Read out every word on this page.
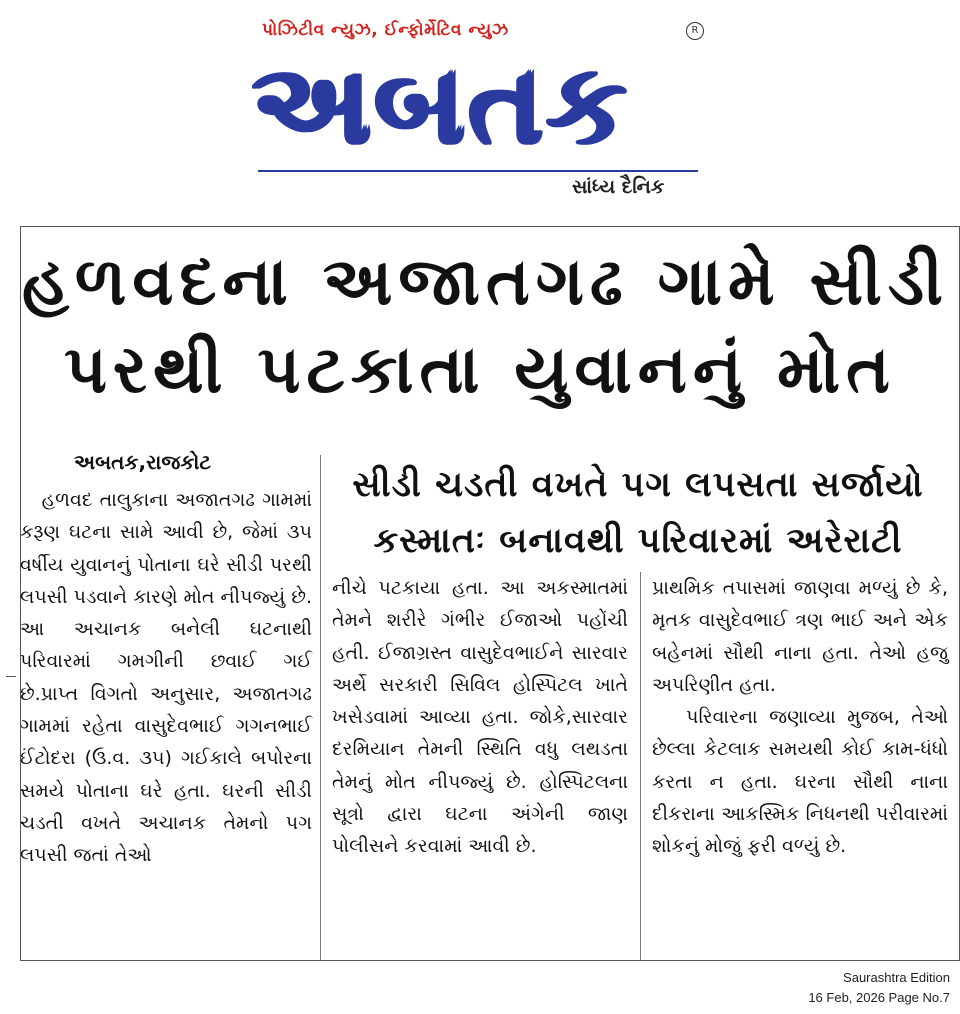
પોઝિટીવ ન્યુઝ, ઈન્ફોર્મેટિવ ન્યુઝ	R
અબતક
સાંધ્ય દૈનિક
હળવદના અજાતગઢ ગામે સીડી
પરથી પટકાતા યુવાનનું મોત
અબતક,રાજકોટ
સીડી ચડતી વખતે પગ લપસતા સર્જાયો
કસ્માતઃ બનાવથી પરિવારમાં અરેરાટી

હળવદ તાલુકાના અજાતગઢ ગામમાં કરૂણ ઘટના સામે આવી છે, જેમાં ૩૫ વર્ષીય યુવાનનું પોતાના ઘરે સીડી પરથી લપસી પડવાને કારણે મોત નીપજ્યું છે. આ અચાનક બનેલી ઘટનાથી પરિવારમાં ગમગીની છવાઈ ગઈ છે.પ્રાપ્ત વિગતો અનુસાર, અજાતગઢ ગામમાં રહેતા વાસુદેવભાઈ ગગનભાઈ ઈંટોદરા (ઉ.વ. ૩૫) ગઈકાલે બપોરના સમયે પોતાના ઘરે હતા. ઘરની સીડી ચડતી વખતે અચાનક તેમનો પગ લપસી જતાં તેઓ

નીચે પટકાયા હતા. આ અકસ્માતમાં તેમને શરીરે ગંભીર ઈજાઓ પહોંચી હતી. ઈજાગ્રસ્ત વાસુદેવભાઈને સારવાર અર્થે સરકારી સિવિલ હોસ્પિટલ ખાતે ખસેડવામાં આવ્યા હતા. જોકે,સારવાર દરમિયાન તેમની સ્થિતિ વધુ લથડતા તેમનું મોત નીપજ્યું છે. હોસ્પિટલના સૂત્રો દ્વારા ઘટના અંગેની જાણ પોલીસને કરવામાં આવી છે.

પ્રાથમિક તપાસમાં જાણવા મળ્યું છે કે, મૃતક વાસુદેવભાઈ ત્રણ ભાઈ અને એક બહેનમાં સૌથી નાના હતા. તેઓ હજુ અપરિણીત હતા.

પરિવારના જણાવ્યા મુજબ, તેઓ છેલ્લા કેટલાક સમયથી કોઈ કામ-ધંધો કરતા ન હતા. ઘરના સૌથી નાના દીકરાના આકસ્મિક નિધનથી પરીવારમાં શોકનું મોજું ફરી વળ્યું છે.

Saurashtra Edition
16 Feb, 2026 Page No.7
